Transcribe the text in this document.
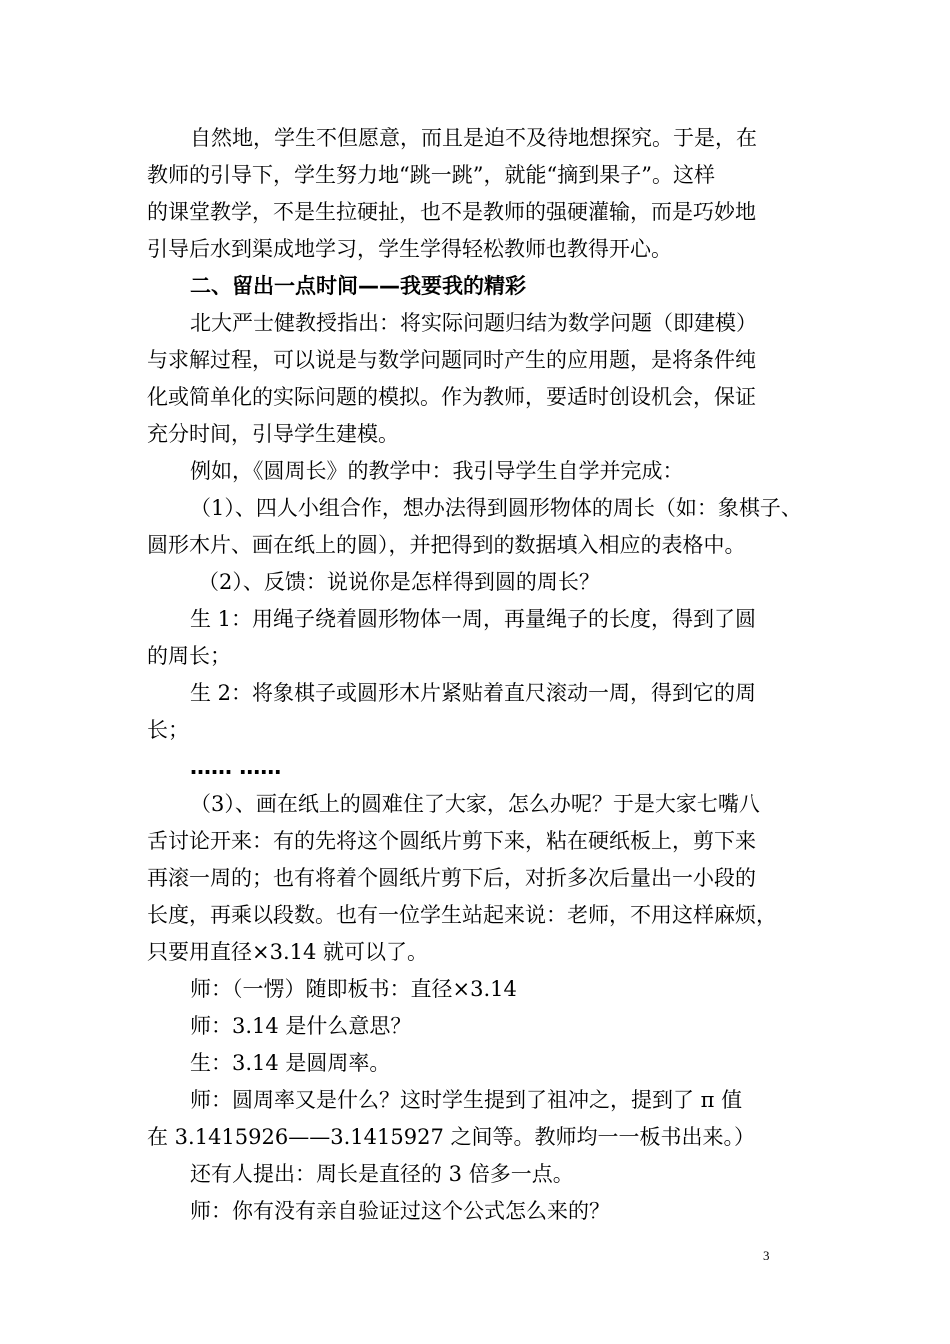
自然地，学生不但愿意，而且是迫不及待地想探究。于是，在

教师的引导下，学生努力地“跳一跳”，就能“摘到果子”。这样

的课堂教学，不是生拉硬扯，也不是教师的强硬灌输，而是巧妙地

引导后水到渠成地学习，学生学得轻松教师也教得开心。

二、留出一点时间——我要我的精彩

北大严士健教授指出：将实际问题归结为数学问题（即建模）

与求解过程，可以说是与数学问题同时产生的应用题，是将条件纯

化或简单化的实际问题的模拟。作为教师，要适时创设机会，保证

充分时间，引导学生建模。

例如，《圆周长》的教学中：我引导学生自学并完成：

（1）、四人小组合作，想办法得到圆形物体的周长（如：象棋子、

圆形木片、画在纸上的圆），并把得到的数据填入相应的表格中。

（2）、反馈：说说你是怎样得到圆的周长？

生 1：用绳子绕着圆形物体一周，再量绳子的长度，得到了圆

的周长；

生 2：将象棋子或圆形木片紧贴着直尺滚动一周，得到它的周

长；

…… ……

（3）、画在纸上的圆难住了大家，怎么办呢？于是大家七嘴八

舌讨论开来：有的先将这个圆纸片剪下来，粘在硬纸板上，剪下来

再滚一周的；也有将着个圆纸片剪下后，对折多次后量出一小段的

长度，再乘以段数。也有一位学生站起来说：老师，不用这样麻烦，

只要用直径×3.14 就可以了。

师：（一愣）随即板书：直径×3.14

师：3.14 是什么意思？

生：3.14 是圆周率。

师：圆周率又是什么？这时学生提到了祖冲之，提到了 π 值

在 3.1415926——3.1415927 之间等。教师均一一板书出来。）

还有人提出：周长是直径的 3 倍多一点。

师：你有没有亲自验证过这个公式怎么来的？

3
